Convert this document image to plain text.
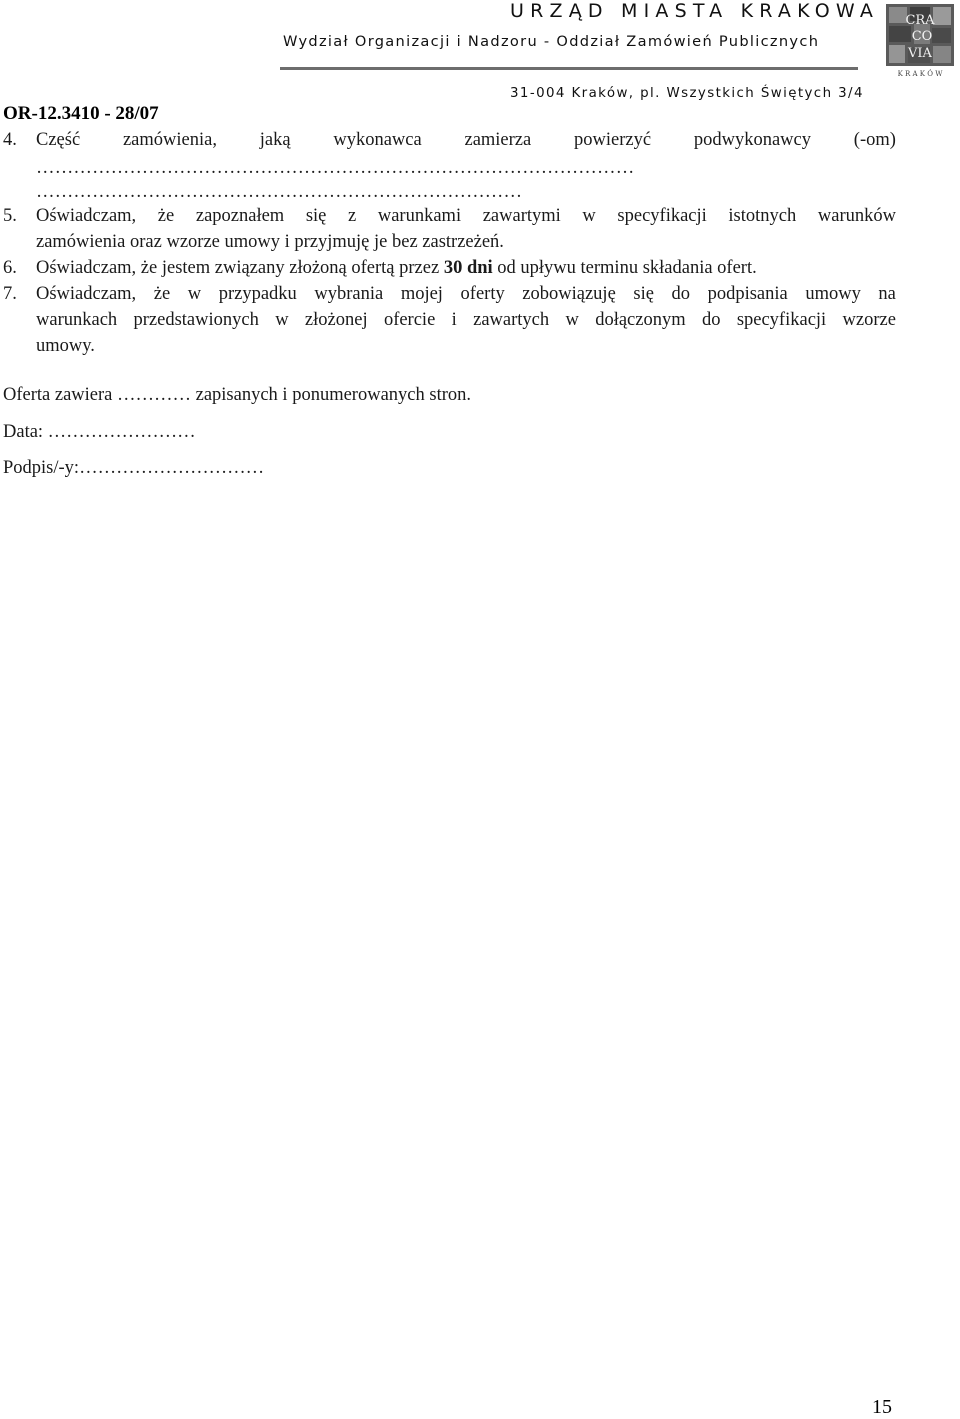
URZĄD MIASTA KRAKOWA
Wydział Organizacji i Nadzoru - Oddział Zamówień Publicznych
31-004 Kraków, pl. Wszystkich Świętych 3/4
CRA
CO
VIA
K R A K Ó W
OR-12.3410 - 28/07
4. Część zamówienia, jaką wykonawca zamierza powierzyć podwykonawcy (-om)
……………………………………………………………………………………
……………………………………………………………………
5. Oświadczam, że zapoznałem się z warunkami zawartymi w specyfikacji istotnych warunków
zamówienia oraz wzorze umowy i przyjmuję je bez zastrzeżeń.
6. Oświadczam, że jestem związany złożoną ofertą przez 30 dni od upływu terminu składania ofert.
7. Oświadczam, że w przypadku wybrania mojej oferty zobowiązuję się do podpisania umowy na
warunkach przedstawionych w złożonej ofercie i zawartych w dołączonym do specyfikacji wzorze
umowy.
Oferta zawiera ………… zapisanych i ponumerowanych stron.
Data: ……………………
Podpis/-y:…………………………
15
